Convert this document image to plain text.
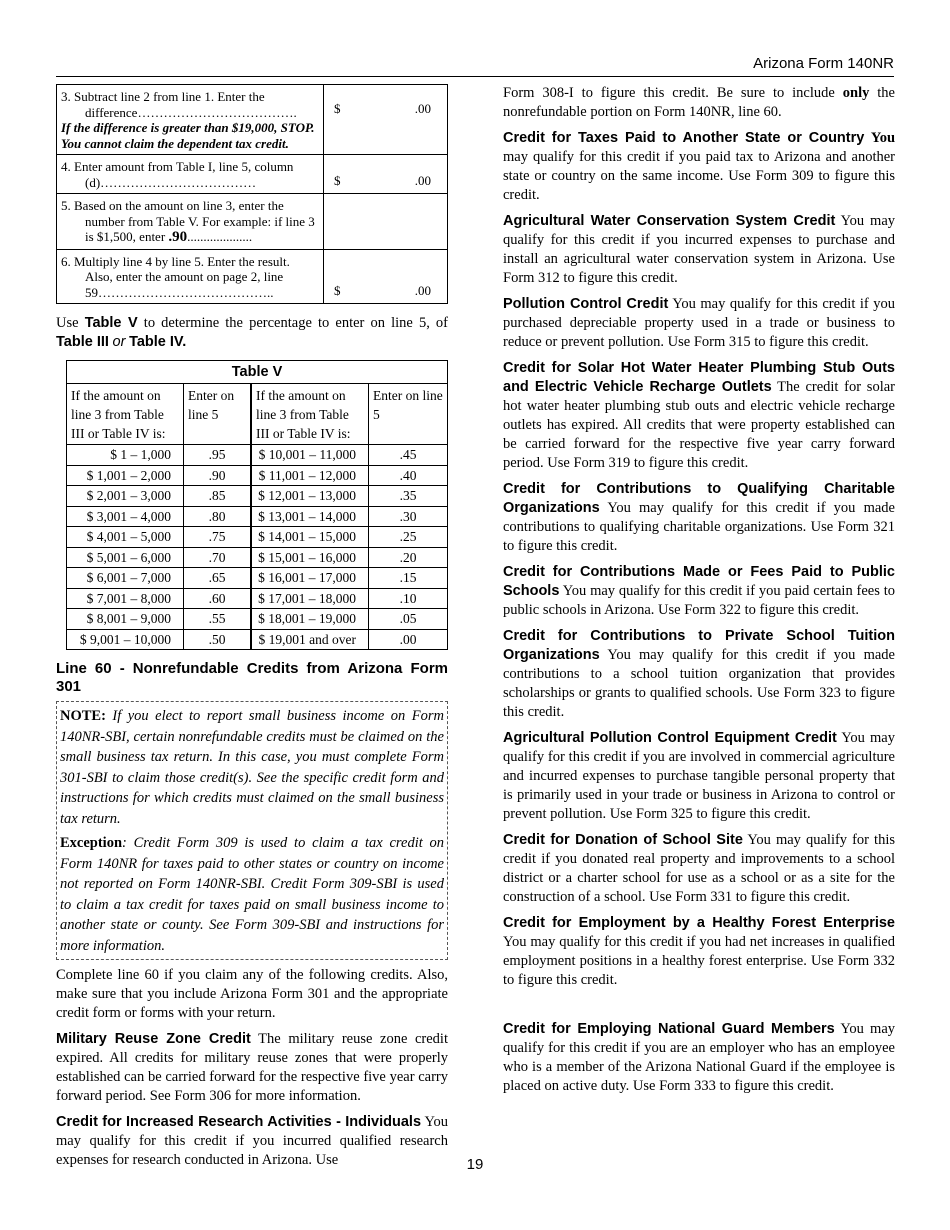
Arizona Form 140NR
3. Subtract line 2 from line 1. Enter the difference……………………………….
If the difference is greater than $19,000, STOP. You cannot claim the dependent tax credit.	$ .00

4. Enter amount from Table I, line 5, column (d)………………………………	$ .00

5. Based on the amount on line 3, enter the number from Table V. For example: if line 3 is $1,500, enter .90....................	

6. Multiply line 4 by line 5. Enter the result. Also, enter the amount on page 2, line 59…………………………………..	$ .00

Use Table V to determine the percentage to enter on line 5, of Table III or Table IV.

Table V			
If the amount on line 3 from Table III or Table IV is:	Enter on line 5	If the amount on line 3 from Table III or Table IV is:	Enter on line 5
$ 1 – 1,000	.95	$ 10,001 – 11,000	.45
$ 1,001 – 2,000	.90	$ 11,001 – 12,000	.40
$ 2,001 – 3,000	.85	$ 12,001 – 13,000	.35
$ 3,001 – 4,000	.80	$ 13,001 – 14,000	.30
$ 4,001 – 5,000	.75	$ 14,001 – 15,000	.25
$ 5,001 – 6,000	.70	$ 15,001 – 16,000	.20
$ 6,001 – 7,000	.65	$ 16,001 – 17,000	.15
$ 7,001 – 8,000	.60	$ 17,001 – 18,000	.10
$ 8,001 – 9,000	.55	$ 18,001 – 19,000	.05
$ 9,001 – 10,000	.50	$ 19,001 and over	.00
Line 60 - Nonrefundable Credits from Arizona Form 301

NOTE: If you elect to report small business income on Form 140NR-SBI, certain nonrefundable credits must be claimed on the small business tax return. In this case, you must complete Form 301-SBI to claim those credit(s). See the specific credit form and instructions for which credits must claimed on the small business tax return.

Exception: Credit Form 309 is used to claim a tax credit on Form 140NR for taxes paid to other states or country on income not reported on Form 140NR-SBI. Credit Form 309-SBI is used to claim a tax credit for taxes paid on small business income to another state or county. See Form 309-SBI and instructions for more information.

Complete line 60 if you claim any of the following credits. Also, make sure that you include Arizona Form 301 and the appropriate credit form or forms with your return.

Military Reuse Zone Credit The military reuse zone credit expired. All credits for military reuse zones that were properly established can be carried forward for the respective five year carry forward period. See Form 306 for more information.

Credit for Increased Research Activities - Individuals You may qualify for this credit if you incurred qualified research expenses for research conducted in Arizona. Use

Form 308-I to figure this credit. Be sure to include only the nonrefundable portion on Form 140NR, line 60.

Credit for Taxes Paid to Another State or Country You may qualify for this credit if you paid tax to Arizona and another state or country on the same income. Use Form 309 to figure this credit.

Agricultural Water Conservation System Credit You may qualify for this credit if you incurred expenses to purchase and install an agricultural water conservation system in Arizona. Use Form 312 to figure this credit.

Pollution Control Credit You may qualify for this credit if you purchased depreciable property used in a trade or business to reduce or prevent pollution. Use Form 315 to figure this credit.

Credit for Solar Hot Water Heater Plumbing Stub Outs and Electric Vehicle Recharge Outlets The credit for solar hot water heater plumbing stub outs and electric vehicle recharge outlets has expired. All credits that were property established can be carried forward for the respective five year carry forward period. Use Form 319 to figure this credit.

Credit for Contributions to Qualifying Charitable Organizations You may qualify for this credit if you made contributions to qualifying charitable organizations. Use Form 321 to figure this credit.

Credit for Contributions Made or Fees Paid to Public Schools You may qualify for this credit if you paid certain fees to public schools in Arizona. Use Form 322 to figure this credit.

Credit for Contributions to Private School Tuition Organizations You may qualify for this credit if you made contributions to a school tuition organization that provides scholarships or grants to qualified schools. Use Form 323 to figure this credit.

Agricultural Pollution Control Equipment Credit You may qualify for this credit if you are involved in commercial agriculture and incurred expenses to purchase tangible personal property that is primarily used in your trade or business in Arizona to control or prevent pollution. Use Form 325 to figure this credit.

Credit for Donation of School Site You may qualify for this credit if you donated real property and improvements to a school district or a charter school for use as a school or as a site for the construction of a school. Use Form 331 to figure this credit.

Credit for Employment by a Healthy Forest Enterprise You may qualify for this credit if you had net increases in qualified employment positions in a healthy forest enterprise. Use Form 332 to figure this credit.

Credit for Employing National Guard Members You may qualify for this credit if you are an employer who has an employee who is a member of the Arizona National Guard if the employee is placed on active duty. Use Form 333 to figure this credit.

19
